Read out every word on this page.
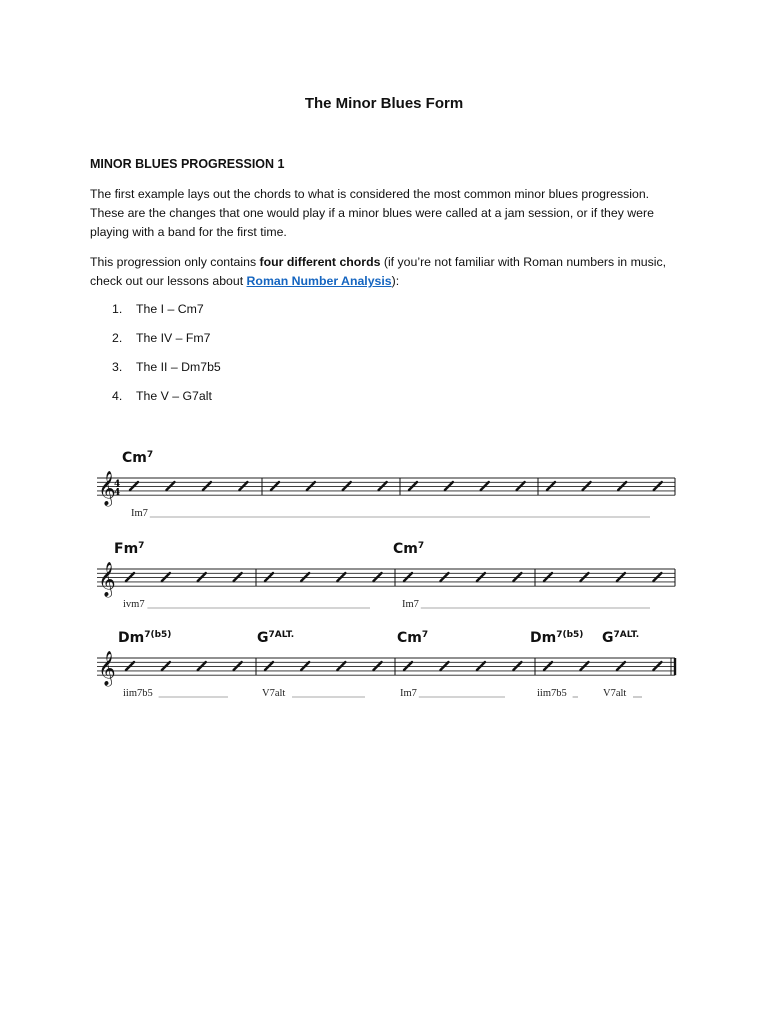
The Minor Blues Form
MINOR BLUES PROGRESSION 1

The first example lays out the chords to what is considered the most common minor blues progression. These are the changes that one would play if a minor blues were called at a jam session, or if they were playing with a band for the first time.

This progression only contains four different chords (if you’re not familiar with Roman numbers in music, check out our lessons about Roman Number Analysis):

1. The I – Cm7
2. The IV – Fm7
3. The II – Dm7b5
4. The V – G7alt
𝄞
4
4
Cm$^7$
Im7
𝄞
Fm$^7$	Cm$^7$
ivm7	Im7
𝄞
$Dm^{7(b5)}$	$G^{7ALT.}$	Cm$^7$	$Dm^{7(b5)}$ $G^{7ALT.}$
iim7b5	V7alt	Im7	iim7b5	V7alt
